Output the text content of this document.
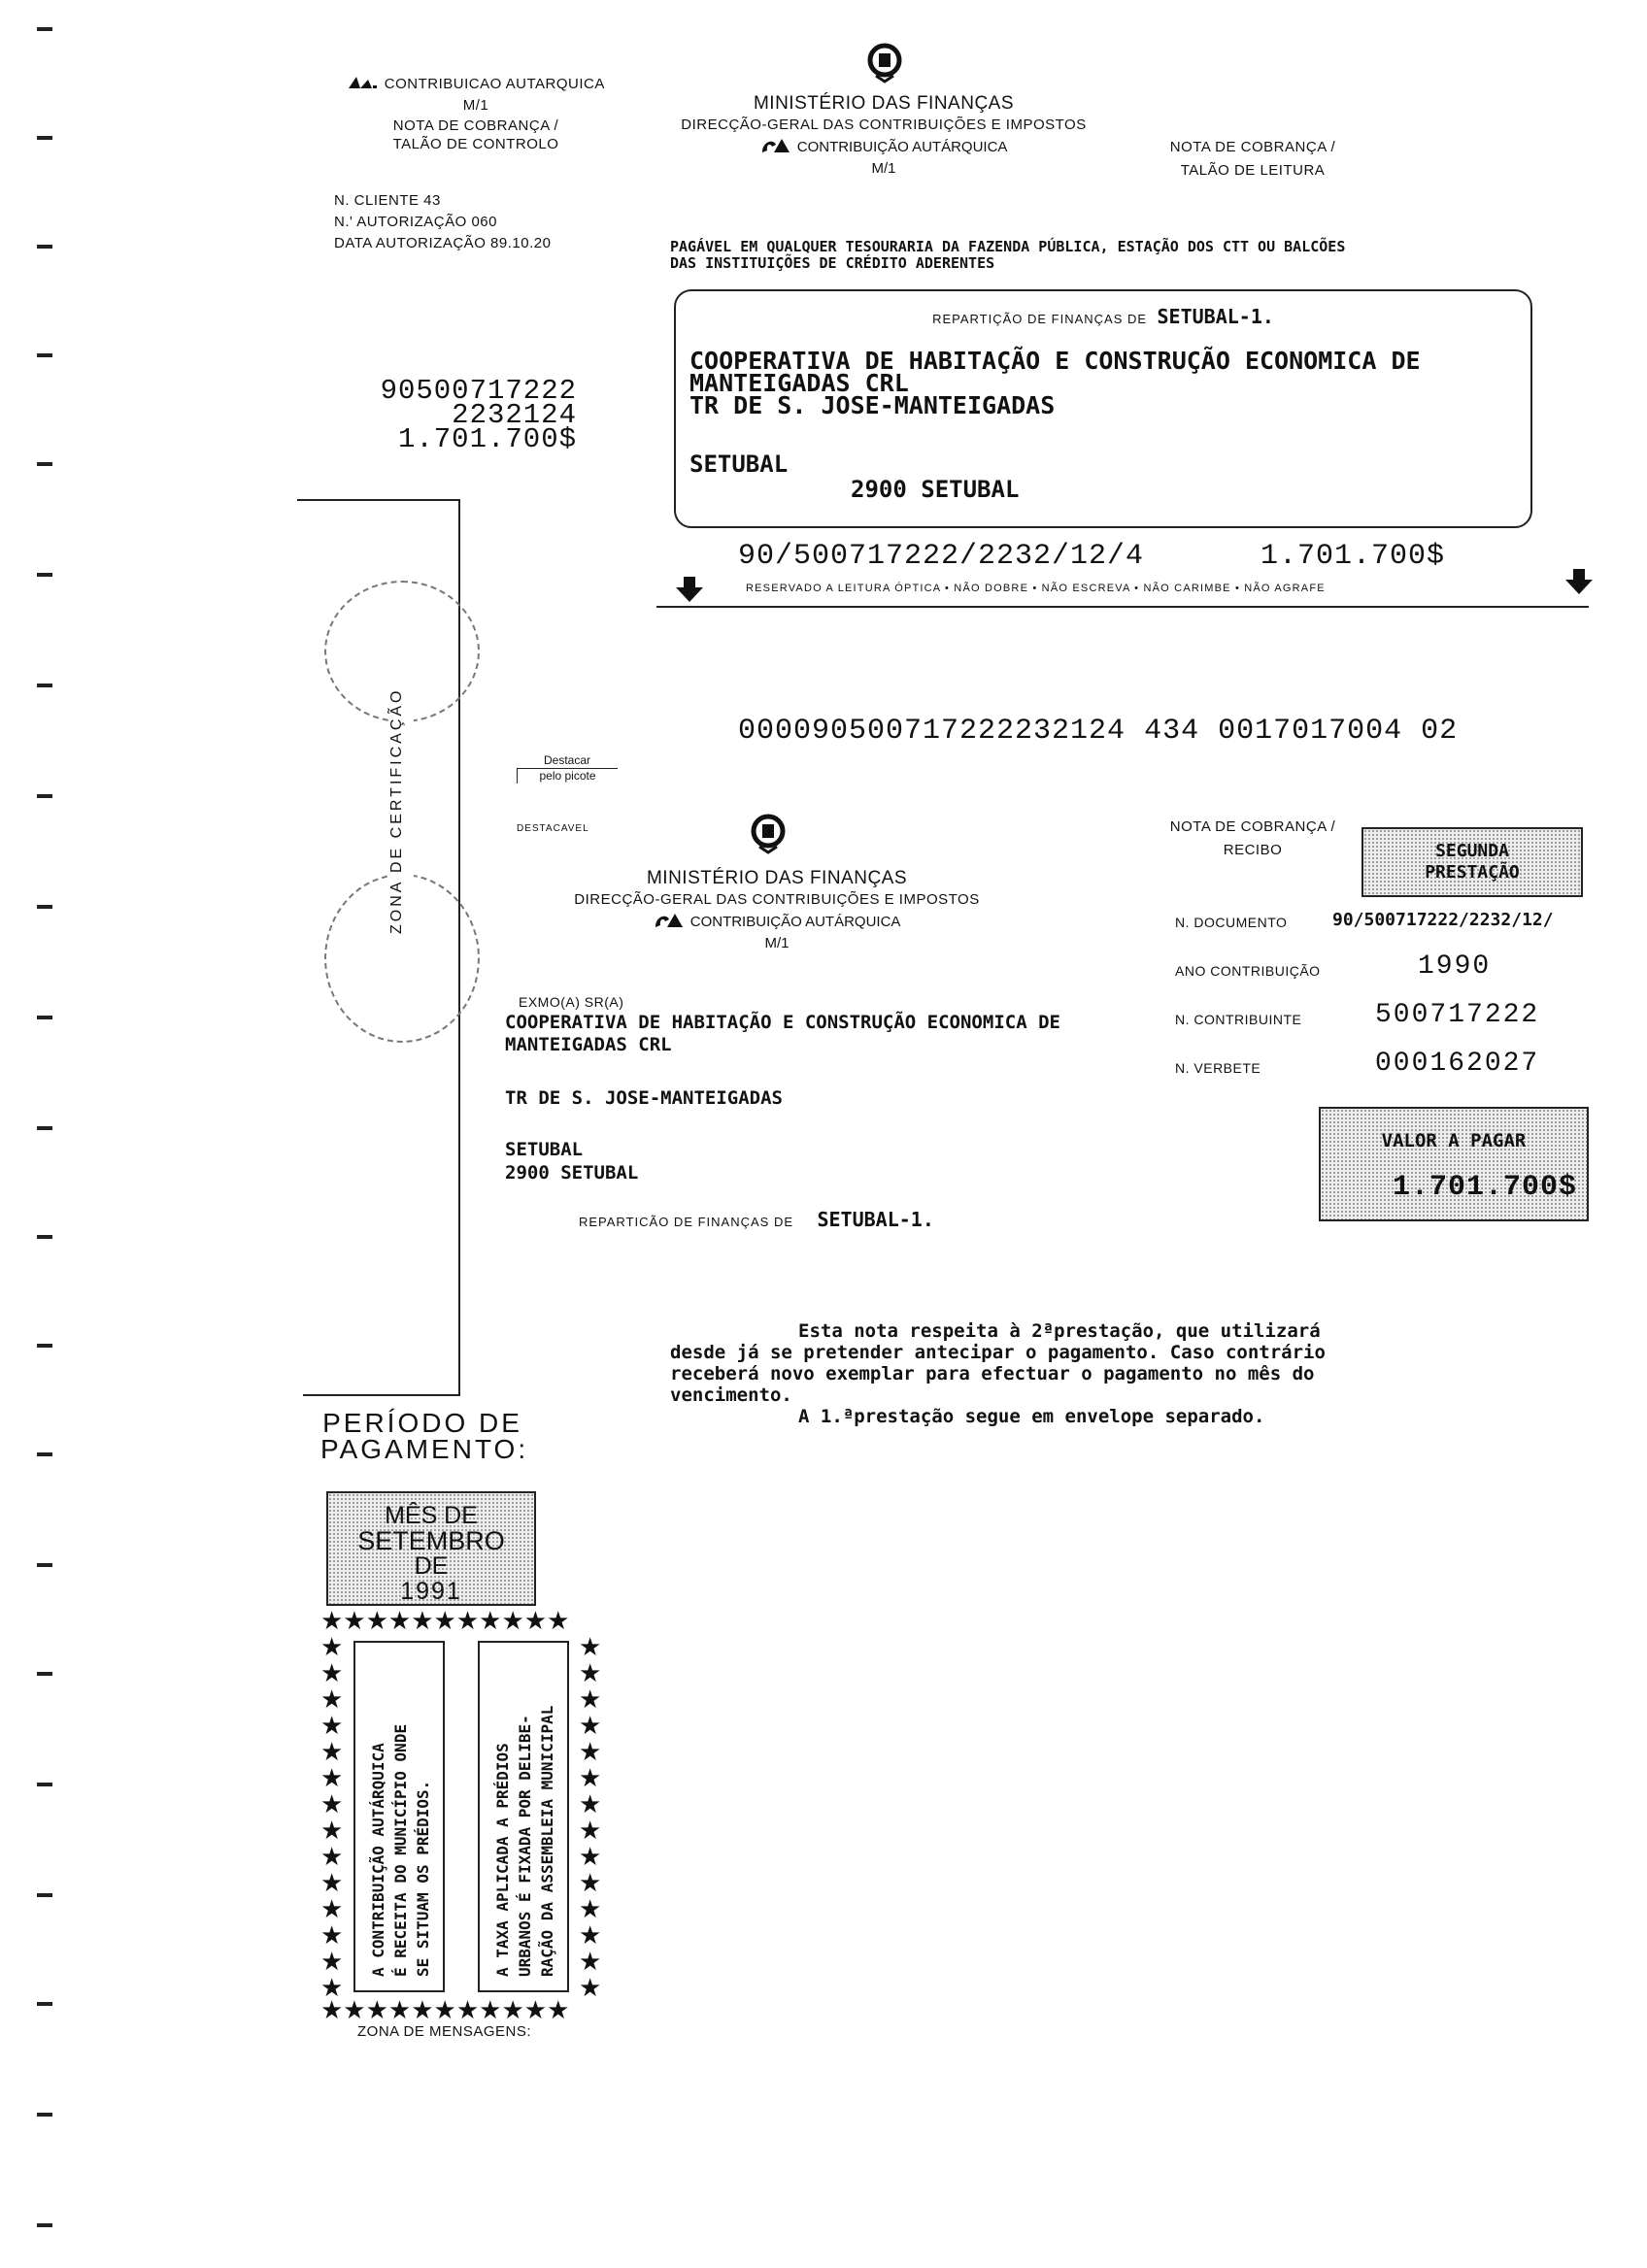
CONTRIBUICAO AUTARQUICA
M/1
NOTA DE COBRANÇA /
TALÃO DE CONTROLO
N. CLIENTE 43
N.' AUTORIZAÇÃO 060
DATA AUTORIZAÇÃO 89.10.20
90500717222
2232124
1.701.700$
ZONA DE CERTIFICAÇÃO
PERÍODO DE
PAGAMENTO:
MÊS DE
SETEMBRO
DE
1991
★★★★★★★★★★★
★★★★★★★★★★★
★
★
★
★
★
★
★
★
★
★
★
★
★
★
★
★
★
★
★
★
★
★
★
★
★
★
★
★
A CONTRIBUIÇÃO AUTÁRQUICA É RECEITA DO MUNICÍPIO ONDE SE SITUAM OS PRÉDIOS.	A TAXA APLICADA A PRÉDIOS URBANOS É FIXADA POR DELIBE- RAÇÃO DA ASSEMBLEIA MUNICIPAL
ZONA DE MENSAGENS:
MINISTÉRIO DAS FINANÇAS
DIRECÇÃO-GERAL DAS CONTRIBUIÇÕES E IMPOSTOS
CONTRIBUIÇÃO AUTÁRQUICA
M/1
NOTA DE COBRANÇA /
TALÃO DE LEITURA
PAGÁVEL EM QUALQUER TESOURARIA DA FAZENDA PÚBLICA, ESTAÇÃO DOS CTT OU BALCÕES
DAS INSTITUIÇÕES DE CRÉDITO ADERENTES
REPARTIÇÃO DE FINANÇAS DE SETUBAL-1.
COOPERATIVA DE HABITAÇÃO E CONSTRUÇÃO ECONOMICA DE
MANTEIGADAS CRL
TR DE S. JOSE-MANTEIGADAS
SETUBAL
2900 SETUBAL
90/500717222/2232/12/4	1.701.700$
RESERVADO A LEITURA ÓPTICA • NÃO DOBRE • NÃO ESCREVA • NÃO CARIMBE • NÃO AGRAFE
000090500717222232124 434 0017017004 02
Destacar
pelo picote
DESTACAVEL
MINISTÉRIO DAS FINANÇAS
DIRECÇÃO-GERAL DAS CONTRIBUIÇÕES E IMPOSTOS
CONTRIBUIÇÃO AUTÁRQUICA
M/1
NOTA DE COBRANÇA /
RECIBO	SEGUNDA
PRESTAÇÃO
N. DOCUMENTO	90/500717222/2232/12/
ANO CONTRIBUIÇÃO	1990
N. CONTRIBUINTE	500717222
N. VERBETE	000162027
VALOR A PAGAR
1.701.700$
EXMO(A) SR(A)
COOPERATIVA DE HABITAÇÃO E CONSTRUÇÃO ECONOMICA DE
MANTEIGADAS CRL
TR DE S. JOSE-MANTEIGADAS
SETUBAL
2900 SETUBAL
REPARTICÃO DE FINANÇAS DE SETUBAL-1.
Esta nota respeita à 2ªprestação, que utilizará
desde já se pretender antecipar o pagamento. Caso contrário
receberá novo exemplar para efectuar o pagamento no mês do
vencimento.
A 1.ªprestação segue em envelope separado.
